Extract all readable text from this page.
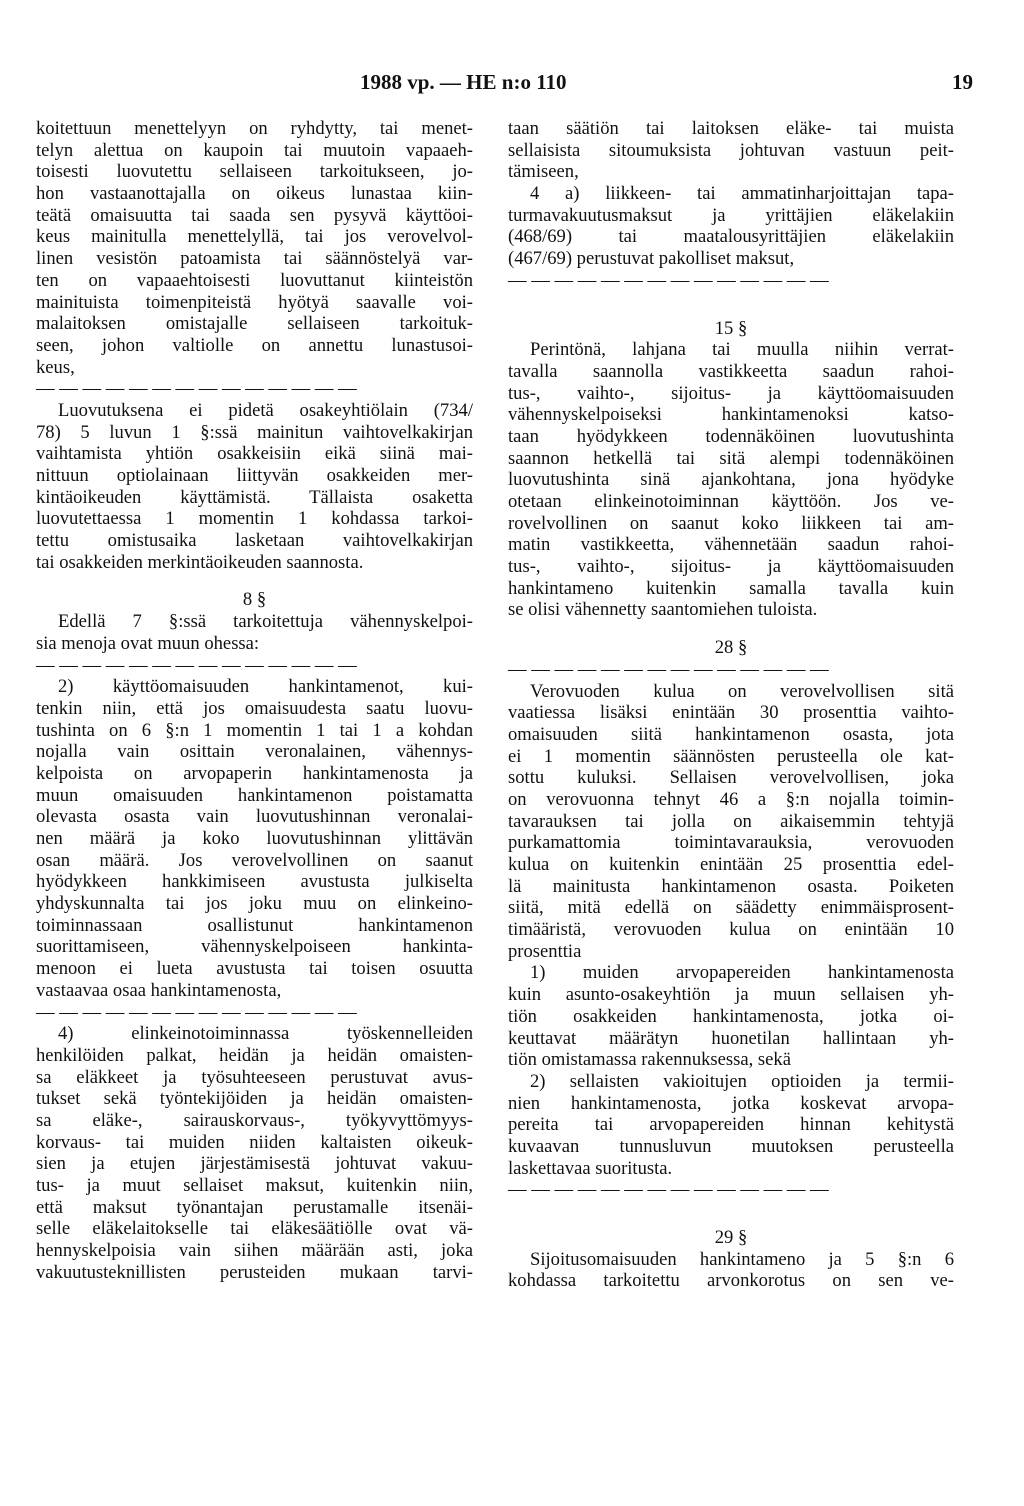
1988 vp. — HE n:o 110	19
koitettuun menettelyyn on ryhdytty, tai menet-
telyn alettua on kaupoin tai muutoin vapaaeh-
toisesti luovutettu sellaiseen tarkoitukseen, jo-
hon vastaanottajalla on oikeus lunastaa kiin-
teätä omaisuutta tai saada sen pysyvä käyttöoi-
keus mainitulla menettelyllä, tai jos verovelvol-
linen vesistön patoamista tai säännöstelyä var-
ten on vapaaehtoisesti luovuttanut kiinteistön
mainituista toimenpiteistä hyötyä saavalle voi-
malaitoksen omistajalle sellaiseen tarkoituk-
seen, johon valtiolle on annettu lunastusoi-
keus,
— — — — — — — — — — — — — —
Luovutuksena ei pidetä osakeyhtiölain (734/
78) 5 luvun 1 §:ssä mainitun vaihtovelkakirjan
vaihtamista yhtiön osakkeisiin eikä siinä mai-
nittuun optiolainaan liittyvän osakkeiden mer-
kintäoikeuden käyttämistä. Tällaista osaketta
luovutettaessa 1 momentin 1 kohdassa tarkoi-
tettu omistusaika lasketaan vaihtovelkakirjan
tai osakkeiden merkintäoikeuden saannosta.
8 §
Edellä 7 §:ssä tarkoitettuja vähennyskelpoi-
sia menoja ovat muun ohessa:
— — — — — — — — — — — — — —
2) käyttöomaisuuden hankintamenot, kui-
tenkin niin, että jos omaisuudesta saatu luovu-
tushinta on 6 §:n 1 momentin 1 tai 1 a kohdan
nojalla vain osittain veronalainen, vähennys-
kelpoista on arvopaperin hankintamenosta ja
muun omaisuuden hankintamenon poistamatta
olevasta osasta vain luovutushinnan veronalai-
nen määrä ja koko luovutushinnan ylittävän
osan määrä. Jos verovelvollinen on saanut
hyödykkeen hankkimiseen avustusta julkiselta
yhdyskunnalta tai jos joku muu on elinkeino-
toiminnassaan osallistunut hankintamenon
suorittamiseen, vähennyskelpoiseen hankinta-
menoon ei lueta avustusta tai toisen osuutta
vastaavaa osaa hankintamenosta,
— — — — — — — — — — — — — —
4) elinkeinotoiminnassa työskennelleiden
henkilöiden palkat, heidän ja heidän omaisten-
sa eläkkeet ja työsuhteeseen perustuvat avus-
tukset sekä työntekijöiden ja heidän omaisten-
sa eläke-, sairauskorvaus-, työkyvyttömyys-
korvaus- tai muiden niiden kaltaisten oikeuk-
sien ja etujen järjestämisestä johtuvat vakuu-
tus- ja muut sellaiset maksut, kuitenkin niin,
että maksut työnantajan perustamalle itsenäi-
selle eläkelaitokselle tai eläkesäätiölle ovat vä-
hennyskelpoisia vain siihen määrään asti, joka
vakuutusteknillisten perusteiden mukaan tarvi-
taan säätiön tai laitoksen eläke- tai muista
sellaisista sitoumuksista johtuvan vastuun peit-
tämiseen,
4 a) liikkeen- tai ammatinharjoittajan tapa-
turmavakuutusmaksut ja yrittäjien eläkelakiin
(468/69) tai maatalousyrittäjien eläkelakiin
(467/69) perustuvat pakolliset maksut,
— — — — — — — — — — — — — —
15 §
Perintönä, lahjana tai muulla niihin verrat-
tavalla saannolla vastikkeetta saadun rahoi-
tus-, vaihto-, sijoitus- ja käyttöomaisuuden
vähennyskelpoiseksi hankintamenoksi katso-
taan hyödykkeen todennäköinen luovutushinta
saannon hetkellä tai sitä alempi todennäköinen
luovutushinta sinä ajankohtana, jona hyödyke
otetaan elinkeinotoiminnan käyttöön. Jos ve-
rovelvollinen on saanut koko liikkeen tai am-
matin vastikkeetta, vähennetään saadun rahoi-
tus-, vaihto-, sijoitus- ja käyttöomaisuuden
hankintameno kuitenkin samalla tavalla kuin
se olisi vähennetty saantomiehen tuloista.
28 §
— — — — — — — — — — — — — —
Verovuoden kulua on verovelvollisen sitä
vaatiessa lisäksi enintään 30 prosenttia vaihto-
omaisuuden siitä hankintamenon osasta, jota
ei 1 momentin säännösten perusteella ole kat-
sottu kuluksi. Sellaisen verovelvollisen, joka
on verovuonna tehnyt 46 a §:n nojalla toimin-
tavarauksen tai jolla on aikaisemmin tehtyjä
purkamattomia toimintavarauksia, verovuoden
kulua on kuitenkin enintään 25 prosenttia edel-
lä mainitusta hankintamenon osasta. Poiketen
siitä, mitä edellä on säädetty enimmäisprosent-
timääristä, verovuoden kulua on enintään 10
prosenttia
1) muiden arvopapereiden hankintamenosta
kuin asunto-osakeyhtiön ja muun sellaisen yh-
tiön osakkeiden hankintamenosta, jotka oi-
keuttavat määrätyn huonetilan hallintaan yh-
tiön omistamassa rakennuksessa, sekä
2) sellaisten vakioitujen optioiden ja termii-
nien hankintamenosta, jotka koskevat arvopa-
pereita tai arvopapereiden hinnan kehitystä
kuvaavan tunnusluvun muutoksen perusteella
laskettavaa suoritusta.
— — — — — — — — — — — — — —
29 §
Sijoitusomaisuuden hankintameno ja 5 §:n 6
kohdassa tarkoitettu arvonkorotus on sen ve-
